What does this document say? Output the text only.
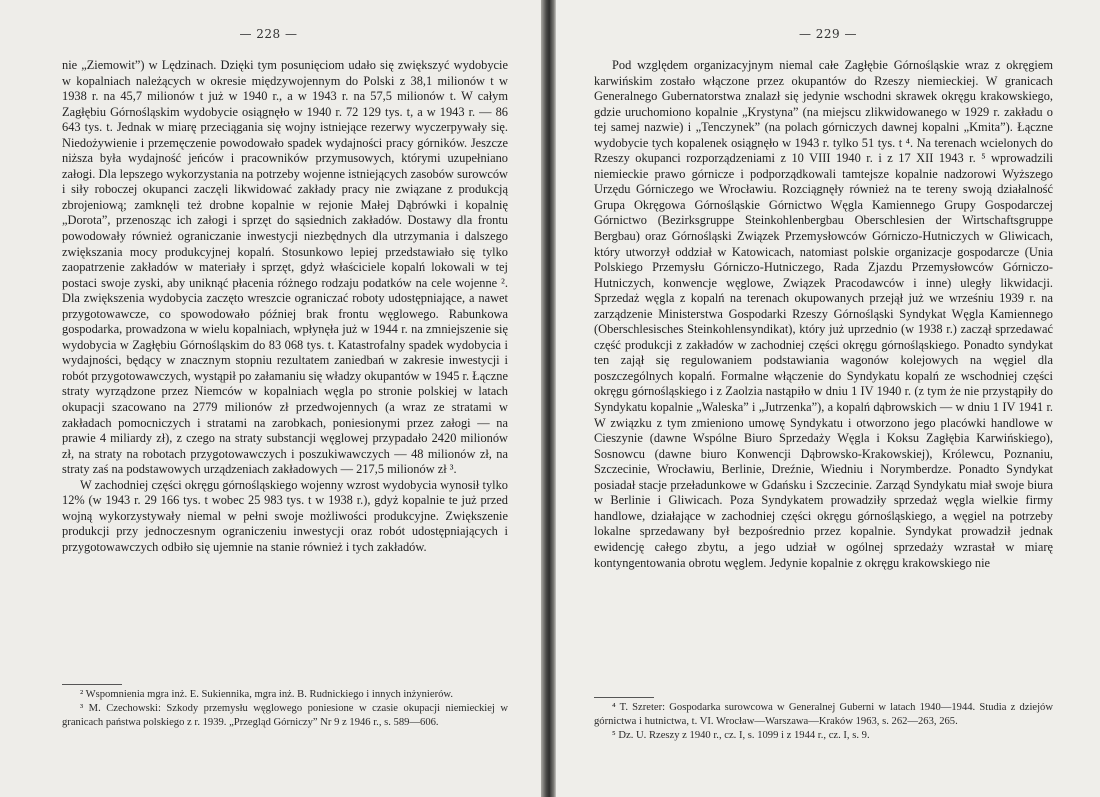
— 228 —

nie „Ziemowit”) w Lędzinach. Dzięki tym posunięciom udało się zwiększyć wydobycie w kopalniach należących w okresie międzywojennym do Polski z 38,1 milionów t w 1938 r. na 45,7 milionów t już w 1940 r., a w 1943 r. na 57,5 milionów t. W całym Zagłębiu Górnośląskim wydobycie osiągnęło w 1940 r. 72 129 tys. t, a w 1943 r. — 86 643 tys. t. Jednak w miarę przeciągania się wojny istniejące rezerwy wyczerpywały się. Niedożywienie i przemęczenie powodowało spadek wydajności pracy górników. Jeszcze niższa była wydajność jeńców i pracowników przymusowych, którymi uzupełniano załogi. Dla lepszego wykorzystania na potrzeby wojenne istniejących zasobów surowców i siły roboczej okupanci zaczęli likwidować zakłady pracy nie związane z produkcją zbrojeniową; zamknęli też drobne kopalnie w rejonie Małej Dąbrówki i kopalnię „Dorota”, przenosząc ich załogi i sprzęt do sąsiednich zakładów. Dostawy dla frontu powodowały również ograniczanie inwestycji niezbędnych dla utrzymania i dalszego zwiększania mocy produkcyjnej kopalń. Stosunkowo lepiej przedstawiało się tylko zaopatrzenie zakładów w materiały i sprzęt, gdyż właściciele kopalń lokowali w tej postaci swoje zyski, aby uniknąć płacenia różnego rodzaju podatków na cele wojenne ². Dla zwiększenia wydobycia zaczęto wreszcie ograniczać roboty udostępniające, a nawet przygotowawcze, co spowodowało później brak frontu węglowego. Rabunkowa gospodarka, prowadzona w wielu kopalniach, wpłynęła już w 1944 r. na zmniejszenie się wydobycia w Zagłębiu Górnośląskim do 83 068 tys. t. Katastrofalny spadek wydobycia i wydajności, będący w znacznym stopniu rezultatem zaniedbań w zakresie inwestycji i robót przygotowawczych, wystąpił po załamaniu się władzy okupantów w 1945 r. Łączne straty wyrządzone przez Niemców w kopalniach węgla po stronie polskiej w latach okupacji szacowano na 2779 milionów zł przedwojennych (a wraz ze stratami w zakładach pomocniczych i stratami na zarobkach, poniesionymi przez załogi — na prawie 4 miliardy zł), z czego na straty substancji węglowej przypadało 2420 milionów zł, na straty na robotach przygotowawczych i poszukiwawczych — 48 milionów zł, na straty zaś na podstawowych urządzeniach zakładowych — 217,5 milionów zł ³.

W zachodniej części okręgu górnośląskiego wojenny wzrost wydobycia wynosił tylko 12% (w 1943 r. 29 166 tys. t wobec 25 983 tys. t w 1938 r.), gdyż kopalnie te już przed wojną wykorzystywały niemal w pełni swoje możliwości produkcyjne. Zwiększenie produkcji przy jednoczesnym ograniczeniu inwestycji oraz robót udostępniających i przygotowawczych odbiło się ujemnie na stanie również i tych zakładów.

² Wspomnienia mgra inż. E. Sukiennika, mgra inż. B. Rudnickiego i innych inżynierów.

³ M. Czechowski: Szkody przemysłu węglowego poniesione w czasie okupacji niemieckiej w granicach państwa polskiego z r. 1939. „Przegląd Górniczy” Nr 9 z 1946 r., s. 589—606.

— 229 —

Pod względem organizacyjnym niemal całe Zagłębie Górnośląskie wraz z okręgiem karwińskim zostało włączone przez okupantów do Rzeszy niemieckiej. W granicach Generalnego Gubernatorstwa znalazł się jedynie wschodni skrawek okręgu krakowskiego, gdzie uruchomiono kopalnie „Krystyna” (na miejscu zlikwidowanego w 1929 r. zakładu o tej samej nazwie) i „Tenczynek” (na polach górniczych dawnej kopalni „Kmita”). Łączne wydobycie tych kopalenek osiągnęło w 1943 r. tylko 51 tys. t ⁴. Na terenach wcielonych do Rzeszy okupanci rozporządzeniami z 10 VIII 1940 r. i z 17 XII 1943 r. ⁵ wprowadzili niemieckie prawo górnicze i podporządkowali tamtejsze kopalnie nadzorowi Wyższego Urzędu Górniczego we Wrocławiu. Rozciągnęły również na te tereny swoją działalność Grupa Okręgowa Górnośląskie Górnictwo Węgla Kamiennego Grupy Gospodarczej Górnictwo (Bezirksgruppe Steinkohlenbergbau Oberschlesien der Wirtschaftsgruppe Bergbau) oraz Górnośląski Związek Przemysłowców Górniczo-Hutniczych w Gliwicach, który utworzył oddział w Katowicach, natomiast polskie organizacje gospodarcze (Unia Polskiego Przemysłu Górniczo-Hutniczego, Rada Zjazdu Przemysłowców Górniczo-Hutniczych, konwencje węglowe, Związek Pracodawców i inne) uległy likwidacji. Sprzedaż węgla z kopalń na terenach okupowanych przejął już we wrześniu 1939 r. na zarządzenie Ministerstwa Gospodarki Rzeszy Górnośląski Syndykat Węgla Kamiennego (Oberschlesisches Steinkohlensyndikat), który już uprzednio (w 1938 r.) zaczął sprzedawać część produkcji z zakładów w zachodniej części okręgu górnośląskiego. Ponadto syndykat ten zajął się regulowaniem podstawiania wagonów kolejowych na węgiel dla poszczególnych kopalń. Formalne włączenie do Syndykatu kopalń ze wschodniej części okręgu górnośląskiego i z Zaolzia nastąpiło w dniu 1 IV 1940 r. (z tym że nie przystąpiły do Syndykatu kopalnie „Waleska” i „Jutrzenka”), a kopalń dąbrowskich — w dniu 1 IV 1941 r. W związku z tym zmieniono umowę Syndykatu i otworzono jego placówki handlowe w Cieszynie (dawne Wspólne Biuro Sprzedaży Węgla i Koksu Zagłębia Karwińskiego), Sosnowcu (dawne biuro Konwencji Dąbrowsko-Krakowskiej), Królewcu, Poznaniu, Szczecinie, Wrocławiu, Berlinie, Dreźnie, Wiedniu i Norymberdze. Ponadto Syndykat posiadał stacje przeładunkowe w Gdańsku i Szczecinie. Zarząd Syndykatu miał swoje biura w Berlinie i Gliwicach. Poza Syndykatem prowadziły sprzedaż węgla wielkie firmy handlowe, działające w zachodniej części okręgu górnośląskiego, a węgiel na potrzeby lokalne sprzedawany był bezpośrednio przez kopalnie. Syndykat prowadził jednak ewidencję całego zbytu, a jego udział w ogólnej sprzedaży wzrastał w miarę kontyngentowania obrotu węglem. Jedynie kopalnie z okręgu krakowskiego nie

⁴ T. Szreter: Gospodarka surowcowa w Generalnej Guberni w latach 1940—1944. Studia z dziejów górnictwa i hutnictwa, t. VI. Wrocław—Warszawa—Kraków 1963, s. 262—263, 265.

⁵ Dz. U. Rzeszy z 1940 r., cz. I, s. 1099 i z 1944 r., cz. I, s. 9.
